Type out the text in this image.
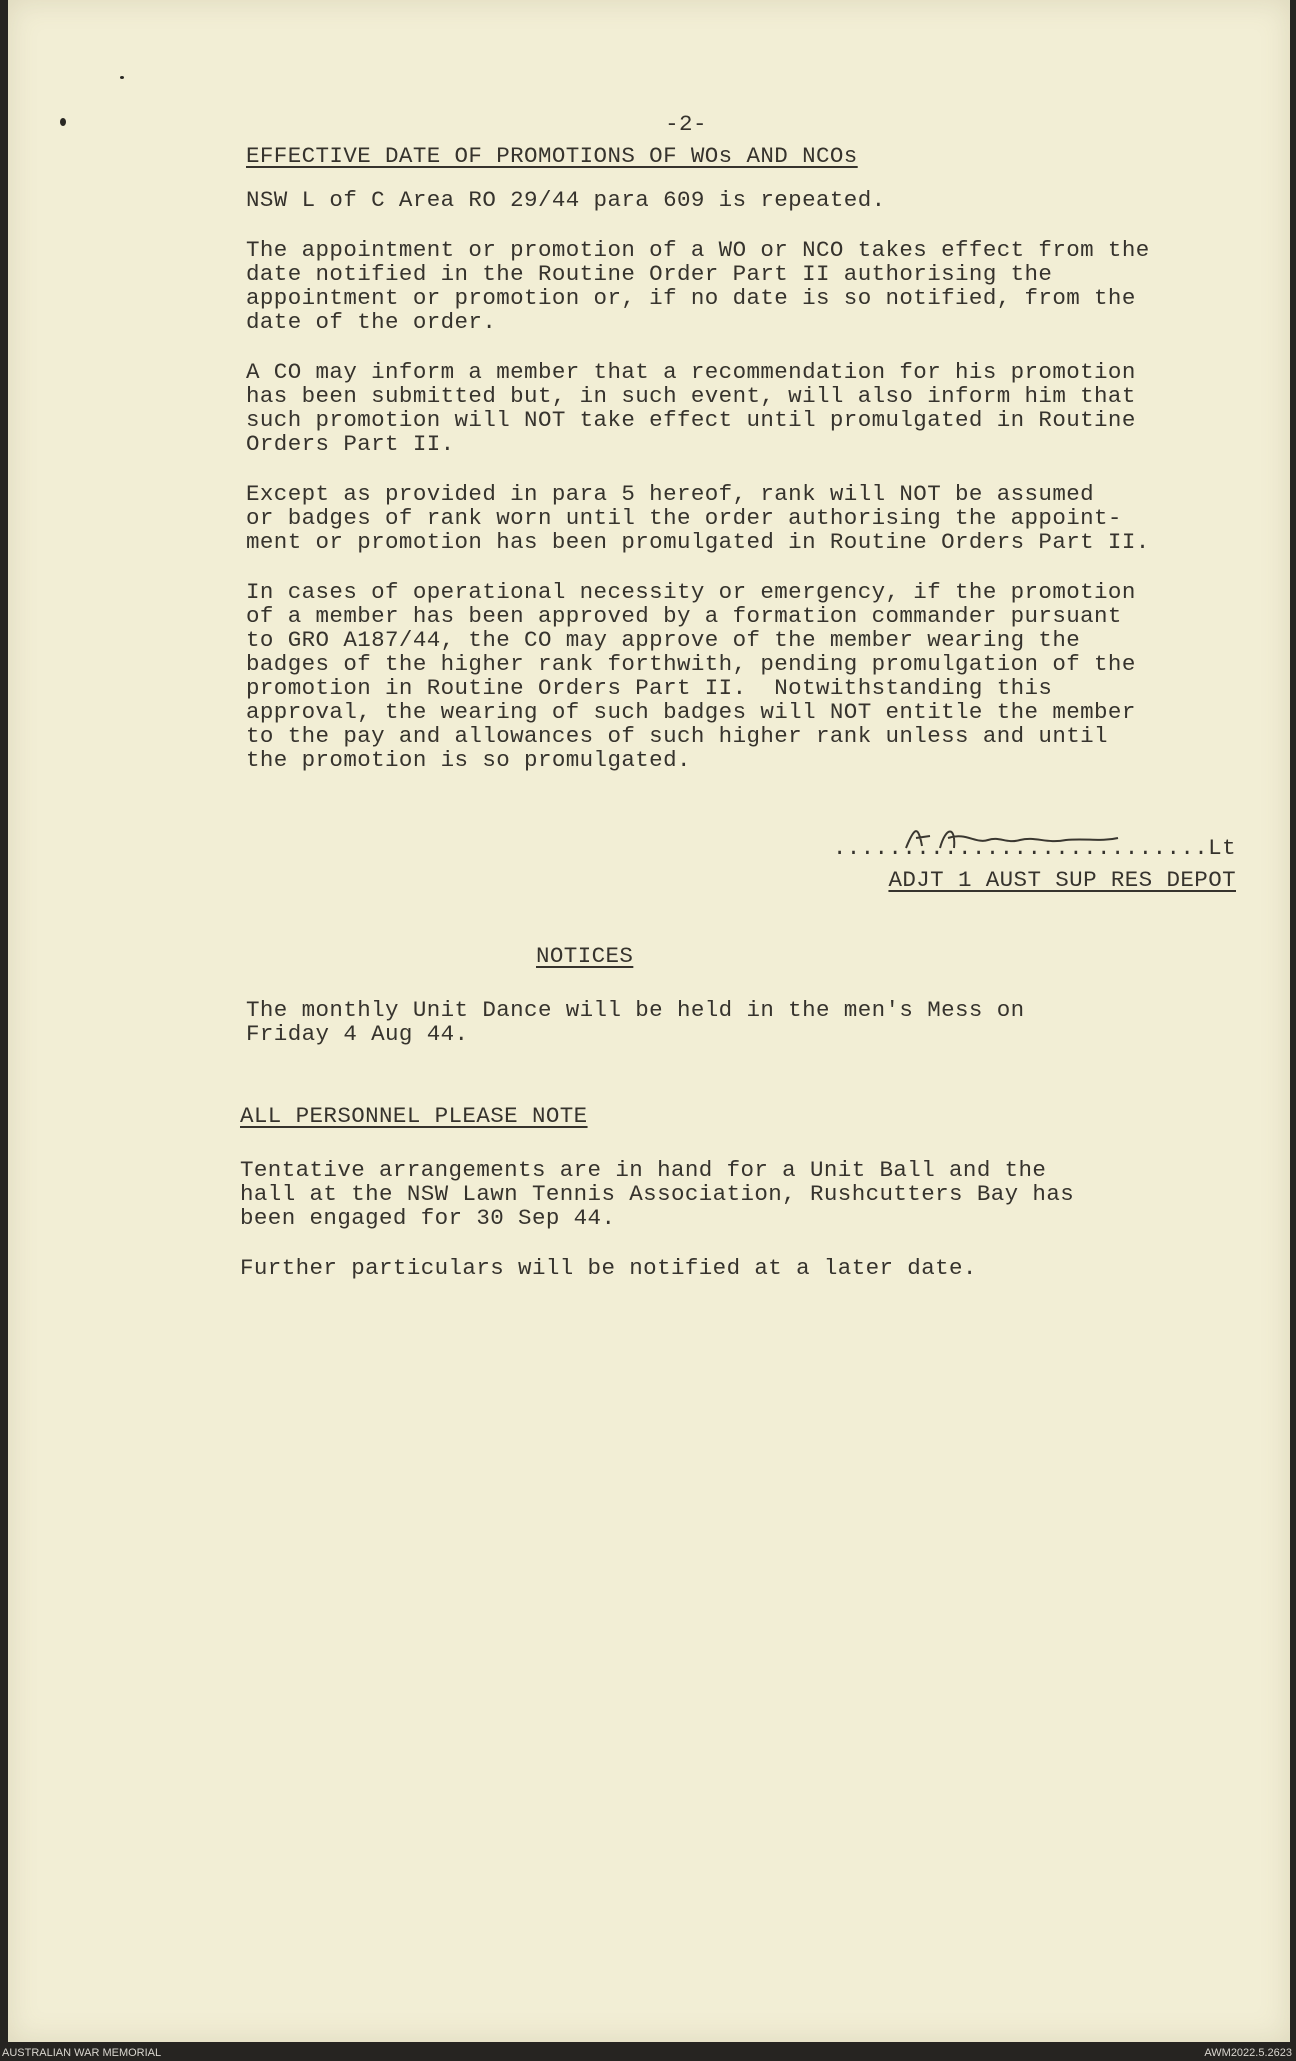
-2-
EFFECTIVE DATE OF PROMOTIONS OF WOs AND NCOs

NSW L of C Area RO 29/44 para 609 is repeated.

The appointment or promotion of a WO or NCO takes effect from the
date notified in the Routine Order Part II authorising the
appointment or promotion or, if no date is so notified, from the
date of the order.

A CO may inform a member that a recommendation for his promotion
has been submitted but, in such event, will also inform him that
such promotion will NOT take effect until promulgated in Routine
Orders Part II.

Except as provided in para 5 hereof, rank will NOT be assumed
or badges of rank worn until the order authorising the appoint-
ment or promotion has been promulgated in Routine Orders Part II.

In cases of operational necessity or emergency, if the promotion
of a member has been approved by a formation commander pursuant
to GRO A187/44, the CO may approve of the member wearing the
badges of the higher rank forthwith, pending promulgation of the
promotion in Routine Orders Part II.  Notwithstanding this
approval, the wearing of such badges will NOT entitle the member
to the pay and allowances of such higher rank unless and until
the promotion is so promulgated.

...........................Lt
ADJT 1 AUST SUP RES DEPOT
NOTICES

The monthly Unit Dance will be held in the men's Mess on
Friday 4 Aug 44.

ALL PERSONNEL PLEASE NOTE

Tentative arrangements are in hand for a Unit Ball and the
hall at the NSW Lawn Tennis Association, Rushcutters Bay has
been engaged for 30 Sep 44.

Further particulars will be notified at a later date.

AUSTRALIAN WAR MEMORIAL	AWM2022.5.2623
